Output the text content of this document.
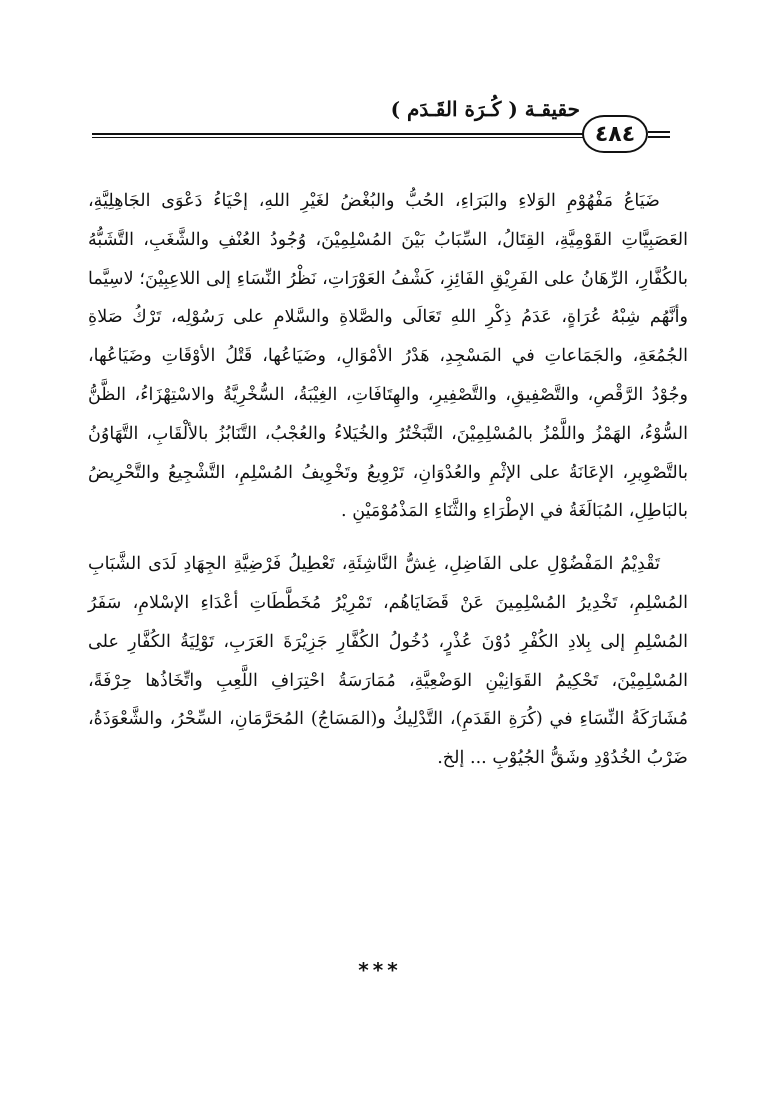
حقيقـة ( كُـرَة القَـدَم )
٤٨٤

ضَيَاعُ مَفْهُوْمِ الوَلاءِ والبَرَاءِ، الحُبُّ والبُغْضُ لغَيْرِ اللهِ، إحْيَاءُ دَعْوَى الجَاهِلِيَّةِ، العَصَبِيَّاتِ القَوْمِيَّةِ، القِتَالُ، السِّبَابُ بَيْنَ المُسْلِمِيْنَ، وُجُودُ العُنْفِ والشَّغَبِ، التَّشَبُّهُ بالكُفَّارِ، الرِّهَانُ على الفَرِيْقِ الفَائِزِ، كَشْفُ العَوْرَاتِ، نَظْرُ النِّسَاءِ إلى اللاعِبِيْنَ؛ لاسِيَّما وأنَّهُم شِبْهُ عُرَاةٍ، عَدَمُ ذِكْرِ اللهِ تَعَالَى والصَّلاةِ والسَّلامِ على رَسُوْلِه، تَرْكُ صَلاةِ الجُمُعَةِ، والجَمَاعاتِ في المَسْجِدِ، هَدْرُ الأمْوَالِ، وضَيَاعُها، قَتْلُ الأوْقَاتِ وضَيَاعُها، وجُوْدُ الرَّقْصِ، والتَّصْفِيقِ، والتَّصْفِيرِ، والهِتَافَاتِ، الغِيْبَةُ، السُّخْرِيَّةُ والاسْتِهْزَاءُ، الظَّنُّ السُّوْءُ، الهَمْزُ واللَّمْزُ بالمُسْلِمِيْنَ، التَّبَخْتُرُ والخُيَلاءُ والعُجْبُ، التَّنَابُزُ بالألْقَابِ، التَّهَاوُنُ بالتَّصْوِيرِ، الإعَانَةُ على الإثْمِ والعُدْوَانِ، تَرْوِيعُ وتَخْوِيفُ المُسْلِمِ، التَّشْجِيعُ والتَّحْرِيضُ بالبَاطِلِ، المُبَالَغَةُ في الإطْرَاءِ والثَّنَاءِ المَذْمُوْمَيْنِ .

تَقْدِيْمُ المَفْضُوْلِ على الفَاضِلِ، غِشُّ النَّاشِئَةِ، تَعْطِيلُ فَرْضِيَّةِ الجِهَادِ لَدَى الشَّبَابِ المُسْلِمِ، تَخْدِيرُ المُسْلِمِينَ عَنْ قَضَايَاهُم، تَمْرِيْرُ مُخَطَّطَاتِ أعْدَاءِ الإسْلامِ، سَفَرُ المُسْلِمِ إلى بِلادِ الكُفْرِ دُوْنَ عُذْرٍ، دُخُولُ الكُفَّارِ جَزِيْرَةَ العَرَبِ، تَوْلِيَةُ الكُفَّارِ على المُسْلِمِيْنَ، تَحْكِيمُ القَوَانِيْنِ الوَضْعِيَّةِ، مُمَارَسَةُ احْتِرَافِ اللَّعِبِ واتِّخَاذُها حِرْفَةً، مُشَارَكَةُ النِّسَاءِ في (كُرَةِ القَدَمِ)، التَّدْلِيكُ و(المَسَاجُ) المُحَرَّمَانِ، السِّحْرُ، والشَّعْوَذَةُ، ضَرْبُ الخُدُوْدِ وشَقُّ الجُيُوْبِ ... إلخ.

***
